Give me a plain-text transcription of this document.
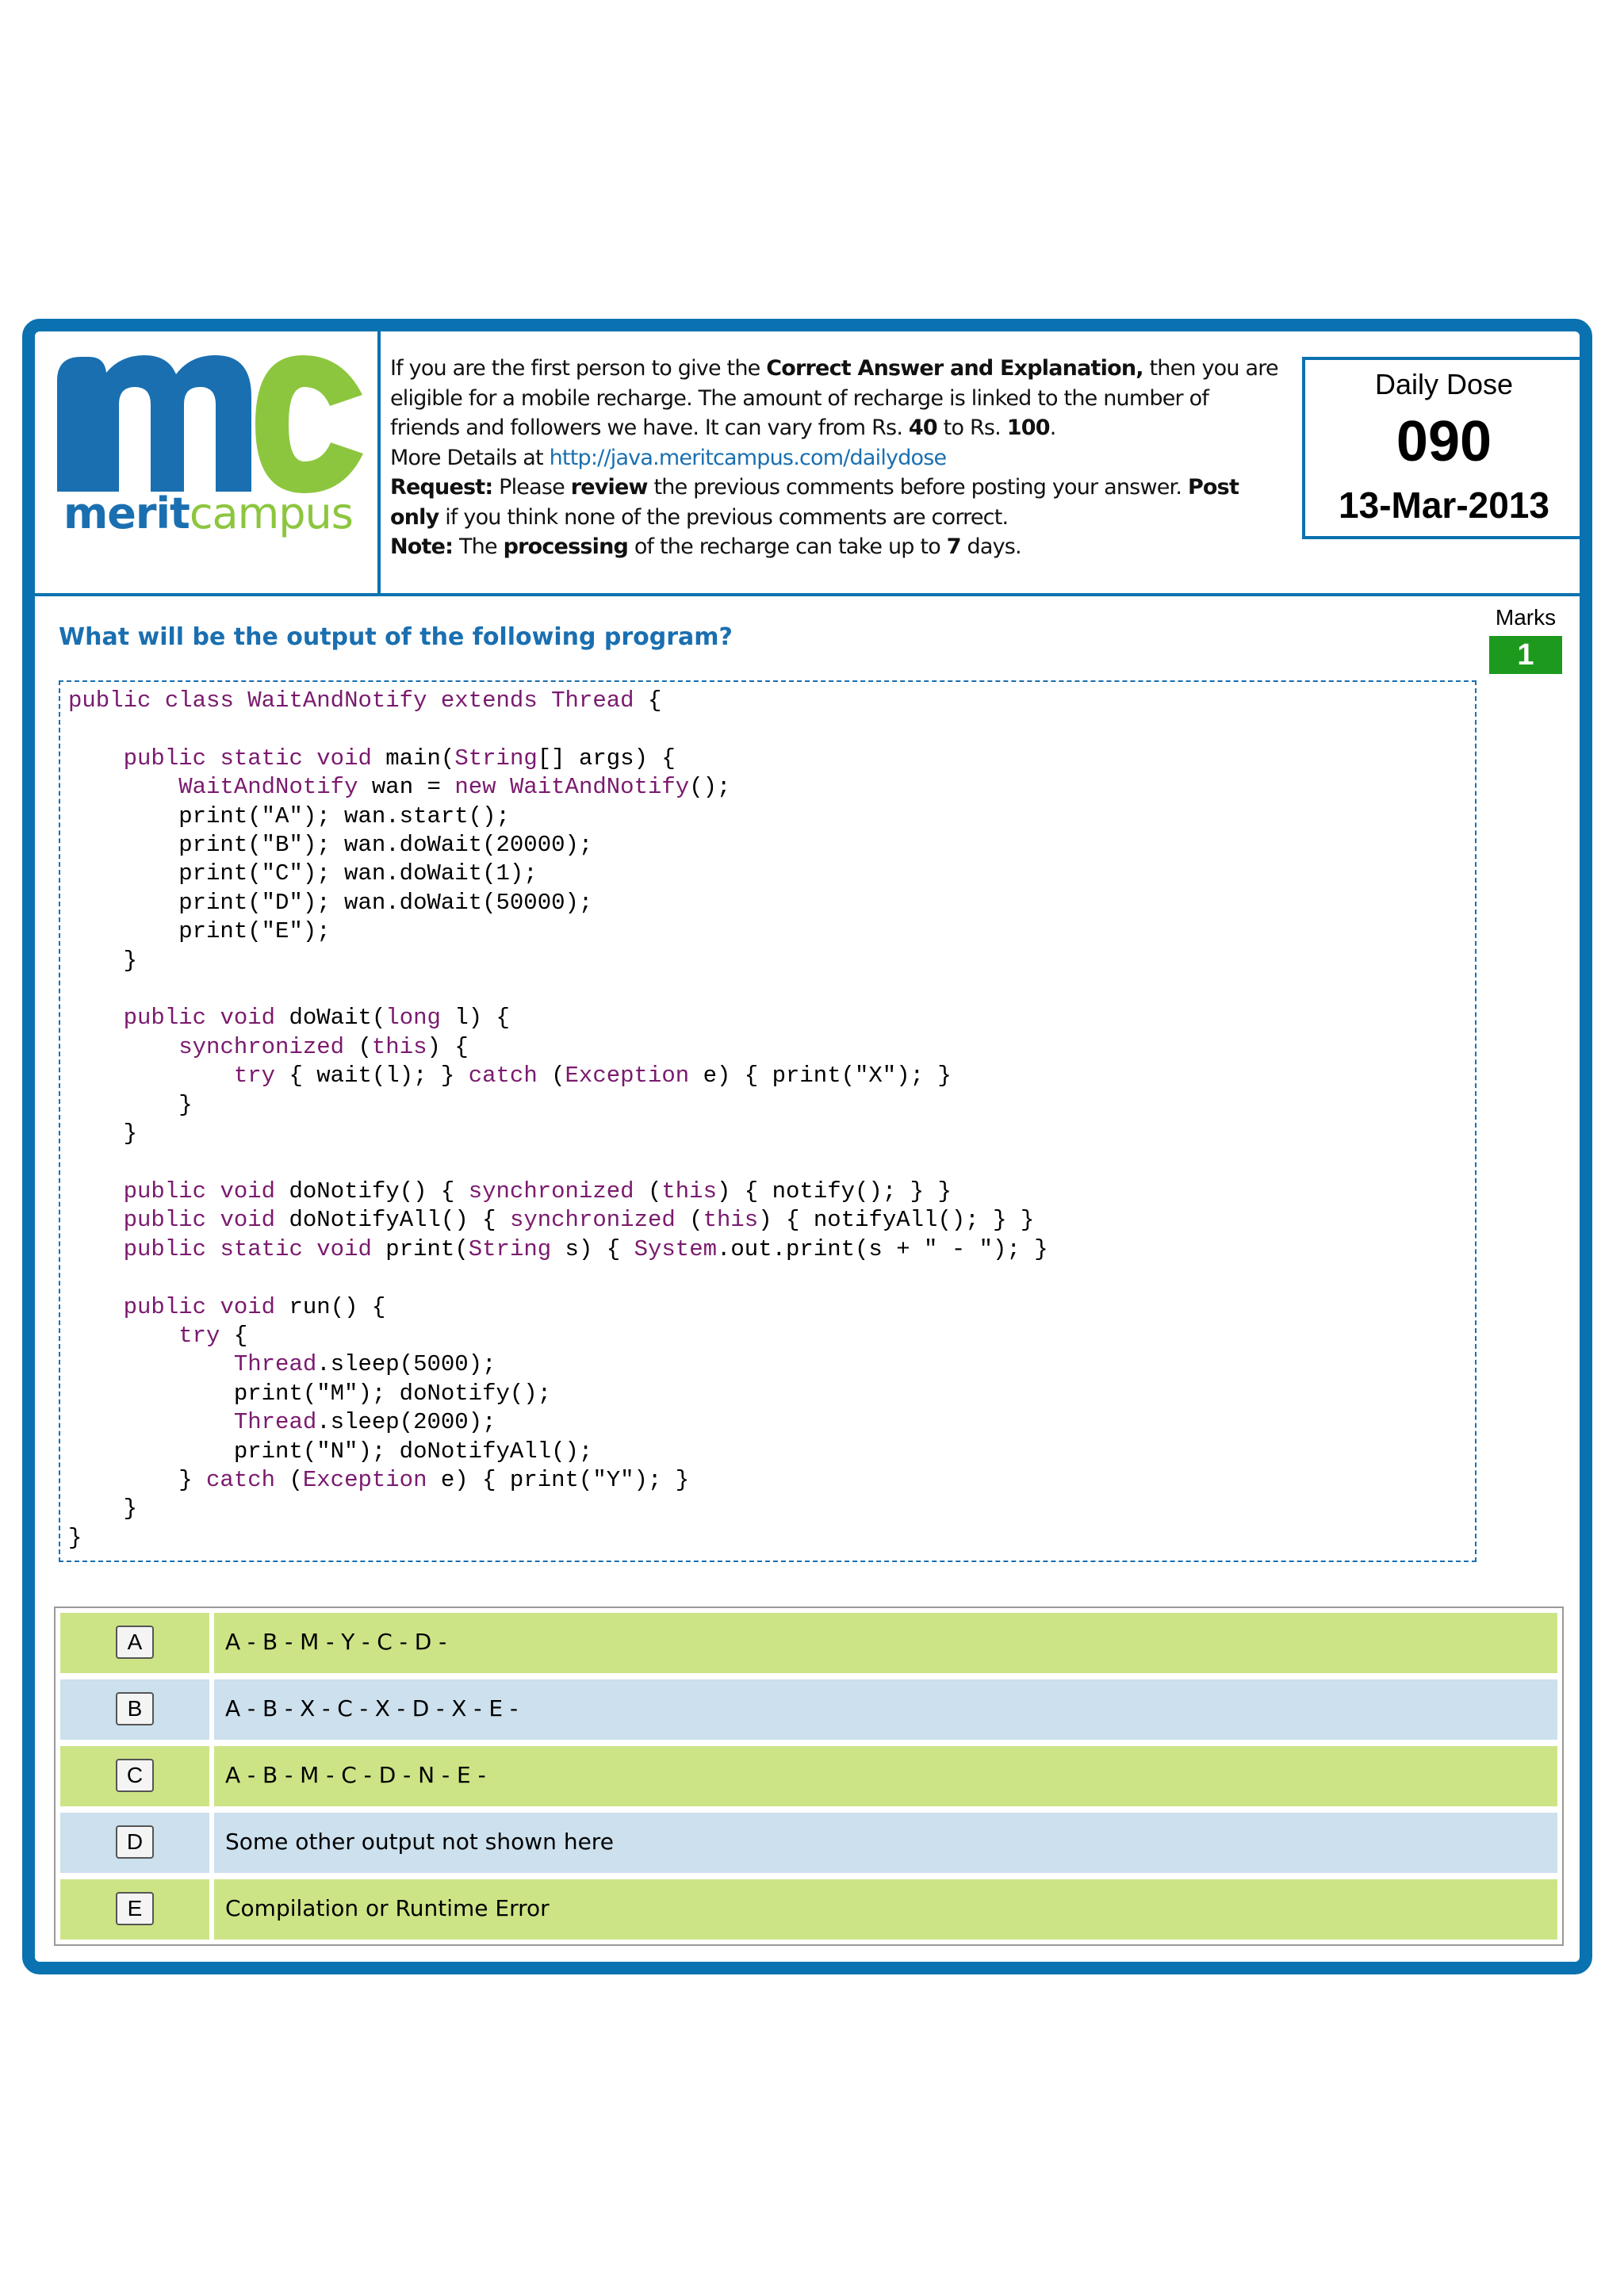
meritcampus
If you are the first person to give the Correct Answer and Explanation, then you are
eligible for a mobile recharge. The amount of recharge is linked to the number of
friends and followers we have. It can vary from Rs. 40 to Rs. 100.
More Details at http://java.meritcampus.com/dailydose
Request: Please review the previous comments before posting your answer. Post
only if you think none of the previous comments are correct.
Note: The processing of the recharge can take up to 7 days.
Daily Dose
090
13-Mar-2013
What will be the output of the following program?
Marks
1
public class WaitAndNotify extends Thread {
public static void main(String[] args) {
WaitAndNotify wan = new WaitAndNotify();
print("A"); wan.start();
print("B"); wan.doWait(20000);
print("C"); wan.doWait(1);
print("D"); wan.doWait(50000);
print("E");
}
public void doWait(long l) {
synchronized (this) {
try { wait(l); } catch (Exception e) { print("X"); }
}
}
public void doNotify() { synchronized (this) { notify(); } }
public void doNotifyAll() { synchronized (this) { notifyAll(); } }
public static void print(String s) { System.out.print(s + " - "); }
public void run() {
try {
Thread.sleep(5000);
print("M"); doNotify();
Thread.sleep(2000);
print("N"); doNotifyAll();
} catch (Exception e) { print("Y"); }
}
}
A	A - B - M - Y - C - D -
B	A - B - X - C - X - D - X - E -
C	A - B - M - C - D - N - E -
D	Some other output not shown here
E	Compilation or Runtime Error
